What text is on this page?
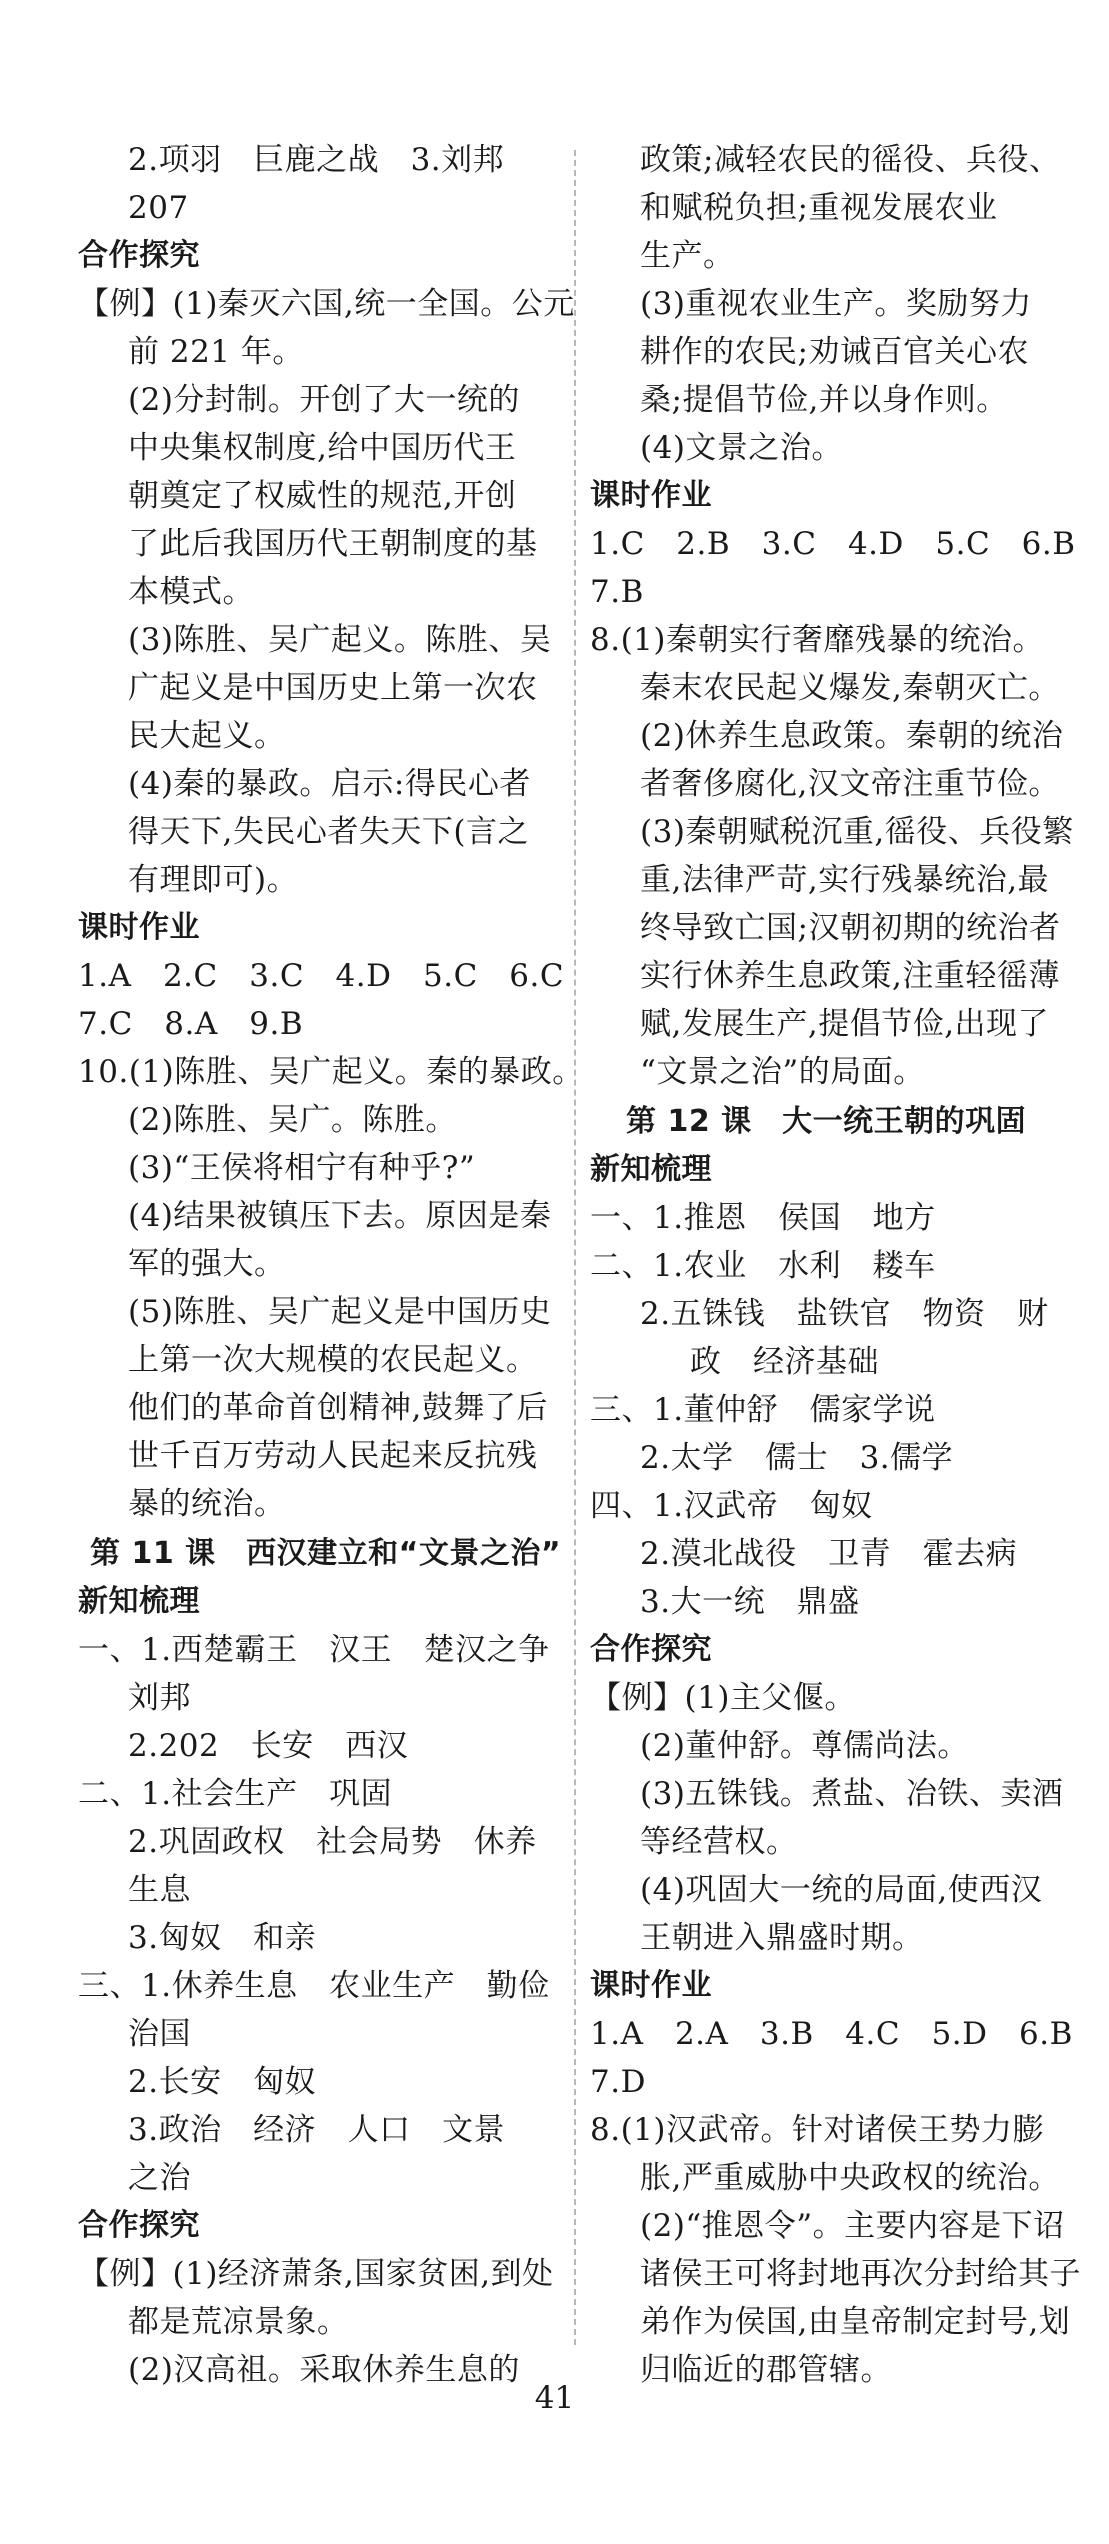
2.项羽　巨鹿之战　3.刘邦
207
合作探究
【例】(1)秦灭六国,统一全国。公元
前 221 年。
(2)分封制。开创了大一统的
中央集权制度,给中国历代王
朝奠定了权威性的规范,开创
了此后我国历代王朝制度的基
本模式。
(3)陈胜、吴广起义。陈胜、吴
广起义是中国历史上第一次农
民大起义。
(4)秦的暴政。启示:得民心者
得天下,失民心者失天下(言之
有理即可)。
课时作业
1.A　2.C　3.C　4.D　5.C　6.C
7.C　8.A　9.B
10.(1)陈胜、吴广起义。秦的暴政。
(2)陈胜、吴广。陈胜。
(3)“王侯将相宁有种乎?”
(4)结果被镇压下去。原因是秦
军的强大。
(5)陈胜、吴广起义是中国历史
上第一次大规模的农民起义。
他们的革命首创精神,鼓舞了后
世千百万劳动人民起来反抗残
暴的统治。
第 11 课　西汉建立和“文景之治”
新知梳理
一、1.西楚霸王　汉王　楚汉之争
刘邦
2.202　长安　西汉
二、1.社会生产　巩固
2.巩固政权　社会局势　休养
生息
3.匈奴　和亲
三、1.休养生息　农业生产　勤俭
治国
2.长安　匈奴
3.政治　经济　人口　文景
之治
合作探究
【例】(1)经济萧条,国家贫困,到处
都是荒凉景象。
(2)汉高祖。采取休养生息的
政策;减轻农民的徭役、兵役、
和赋税负担;重视发展农业
生产。
(3)重视农业生产。奖励努力
耕作的农民;劝诫百官关心农
桑;提倡节俭,并以身作则。
(4)文景之治。
课时作业
1.C　2.B　3.C　4.D　5.C　6.B
7.B
8.(1)秦朝实行奢靡残暴的统治。
秦末农民起义爆发,秦朝灭亡。
(2)休养生息政策。秦朝的统治
者奢侈腐化,汉文帝注重节俭。
(3)秦朝赋税沉重,徭役、兵役繁
重,法律严苛,实行残暴统治,最
终导致亡国;汉朝初期的统治者
实行休养生息政策,注重轻徭薄
赋,发展生产,提倡节俭,出现了
“文景之治”的局面。
第 12 课　大一统王朝的巩固
新知梳理
一、1.推恩　侯国　地方
二、1.农业　水利　耧车
2.五铢钱　盐铁官　物资　财
政　经济基础
三、1.董仲舒　儒家学说
2.太学　儒士　3.儒学
四、1.汉武帝　匈奴
2.漠北战役　卫青　霍去病
3.大一统　鼎盛
合作探究
【例】(1)主父偃。
(2)董仲舒。尊儒尚法。
(3)五铢钱。煮盐、冶铁、卖酒
等经营权。
(4)巩固大一统的局面,使西汉
王朝进入鼎盛时期。
课时作业
1.A　2.A　3.B　4.C　5.D　6.B
7.D
8.(1)汉武帝。针对诸侯王势力膨
胀,严重威胁中央政权的统治。
(2)“推恩令”。主要内容是下诏
诸侯王可将封地再次分封给其子
弟作为侯国,由皇帝制定封号,划
归临近的郡管辖。
41
